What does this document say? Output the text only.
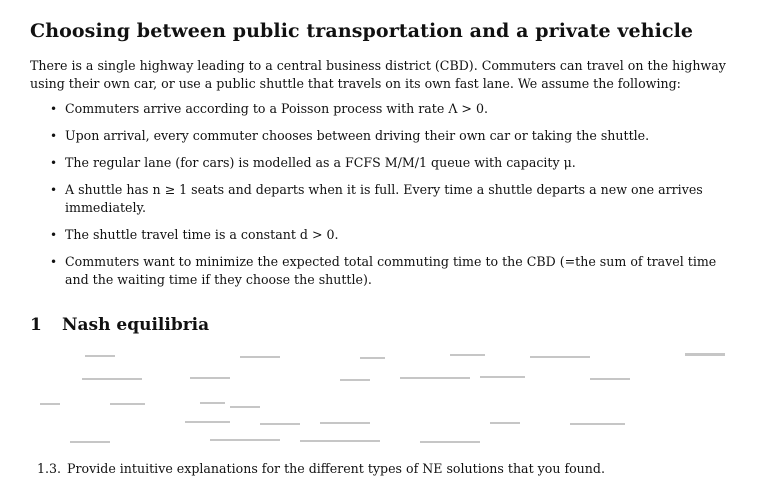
Choosing between public transportation and a private vehicle
There is a single highway leading to a central business district (CBD). Commuters can travel on the highway using their own car, or use a public shuttle that travels on its own fast lane. We assume the following:
• Commuters arrive according to a Poisson process with rate Λ > 0.
• Upon arrival, every commuter chooses between driving their own car or taking the shuttle.
• The regular lane (for cars) is modelled as a FCFS M/M/1 queue with capacity μ.
• A shuttle has n ≥ 1 seats and departs when it is full. Every time a shuttle departs a new one arrives immediately.
• The shuttle travel time is a constant d > 0.
• Commuters want to minimize the expected total commuting time to the CBD (=the sum of travel time and the waiting time if they choose the shuttle).
1 Nash equilibria
1.3. Provide intuitive explanations for the different types of NE solutions that you found.
